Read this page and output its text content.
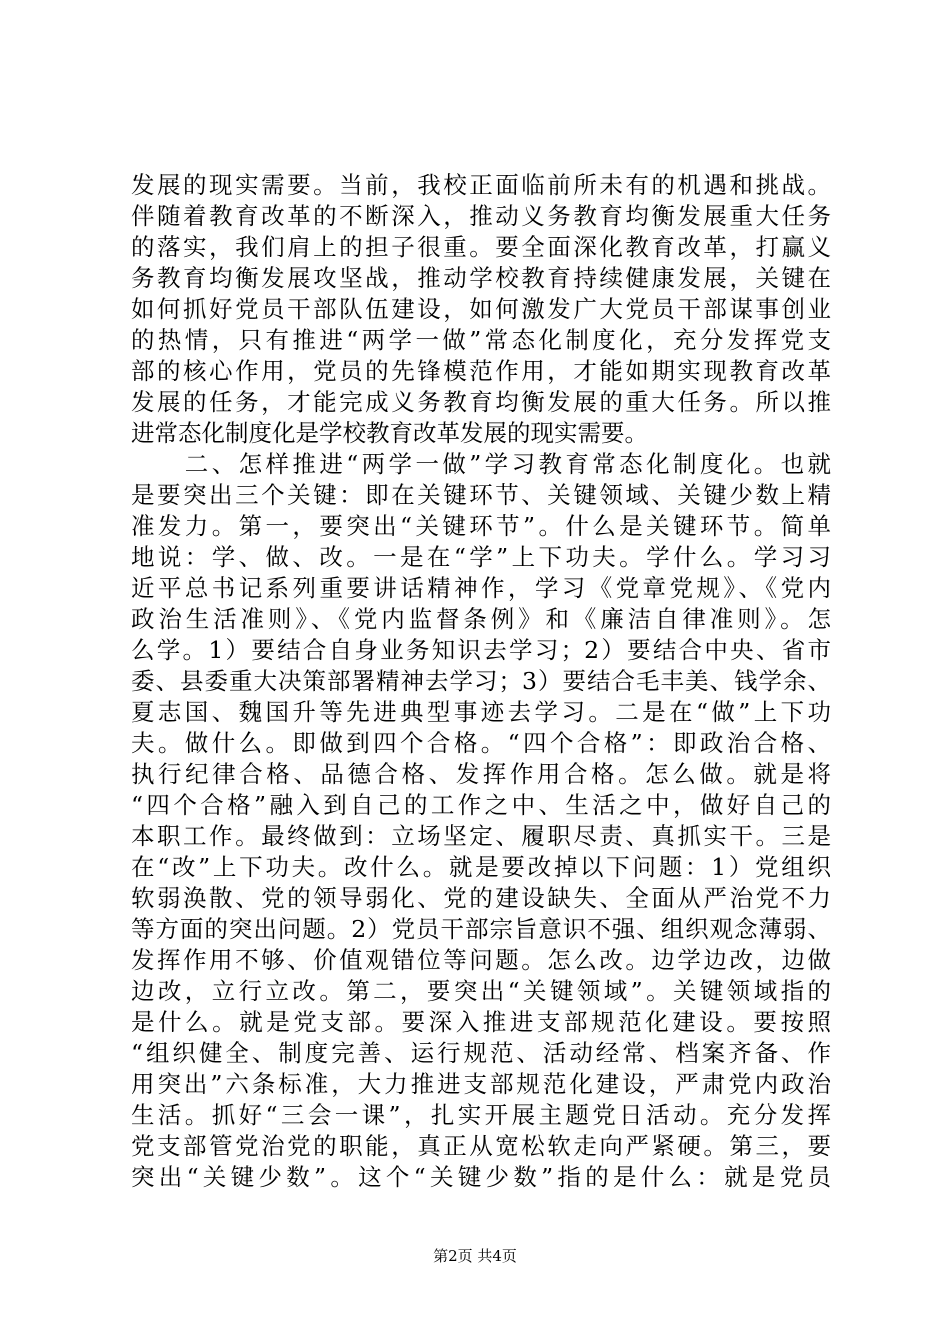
发展的现实需要。当前，我校正面临前所未有的机遇和挑战。
伴随着教育改革的不断深入，推动义务教育均衡发展重大任务
的落实，我们肩上的担子很重。要全面深化教育改革，打赢义
务教育均衡发展攻坚战，推动学校教育持续健康发展，关键在
如何抓好党员干部队伍建设，如何激发广大党员干部谋事创业
的热情，只有推进“两学一做”常态化制度化，充分发挥党支
部的核心作用，党员的先锋模范作用，才能如期实现教育改革
发展的任务，才能完成义务教育均衡发展的重大任务。所以推
进常态化制度化是学校教育改革发展的现实需要。
　　二、怎样推进“两学一做”学习教育常态化制度化。也就
是要突出三个关键：即在关键环节、关键领域、关键少数上精
准发力。第一，要突出“关键环节”。什么是关键环节。简单
地说：学、做、改。一是在“学”上下功夫。学什么。学习习
近平总书记系列重要讲话精神作，学习《党章党规》、《党内
政治生活准则》、《党内监督条例》和《廉洁自律准则》。怎
么学。1）要结合自身业务知识去学习；2）要结合中央、省市
委、县委重大决策部署精神去学习；3）要结合毛丰美、钱学余、
夏志国、魏国升等先进典型事迹去学习。二是在“做”上下功
夫。做什么。即做到四个合格。“四个合格”：即政治合格、
执行纪律合格、品德合格、发挥作用合格。怎么做。就是将
“四个合格”融入到自己的工作之中、生活之中，做好自己的
本职工作。最终做到：立场坚定、履职尽责、真抓实干。三是
在“改”上下功夫。改什么。就是要改掉以下问题：1）党组织
软弱涣散、党的领导弱化、党的建设缺失、全面从严治党不力
等方面的突出问题。2）党员干部宗旨意识不强、组织观念薄弱、
发挥作用不够、价值观错位等问题。怎么改。边学边改，边做
边改，立行立改。第二，要突出“关键领域”。关键领域指的
是什么。就是党支部。要深入推进支部规范化建设。要按照
“组织健全、制度完善、运行规范、活动经常、档案齐备、作
用突出”六条标准，大力推进支部规范化建设，严肃党内政治
生活。抓好“三会一课”，扎实开展主题党日活动。充分发挥
党支部管党治党的职能，真正从宽松软走向严紧硬。第三，要
突出“关键少数”。这个“关键少数”指的是什么：就是党员
第2页 共4页
